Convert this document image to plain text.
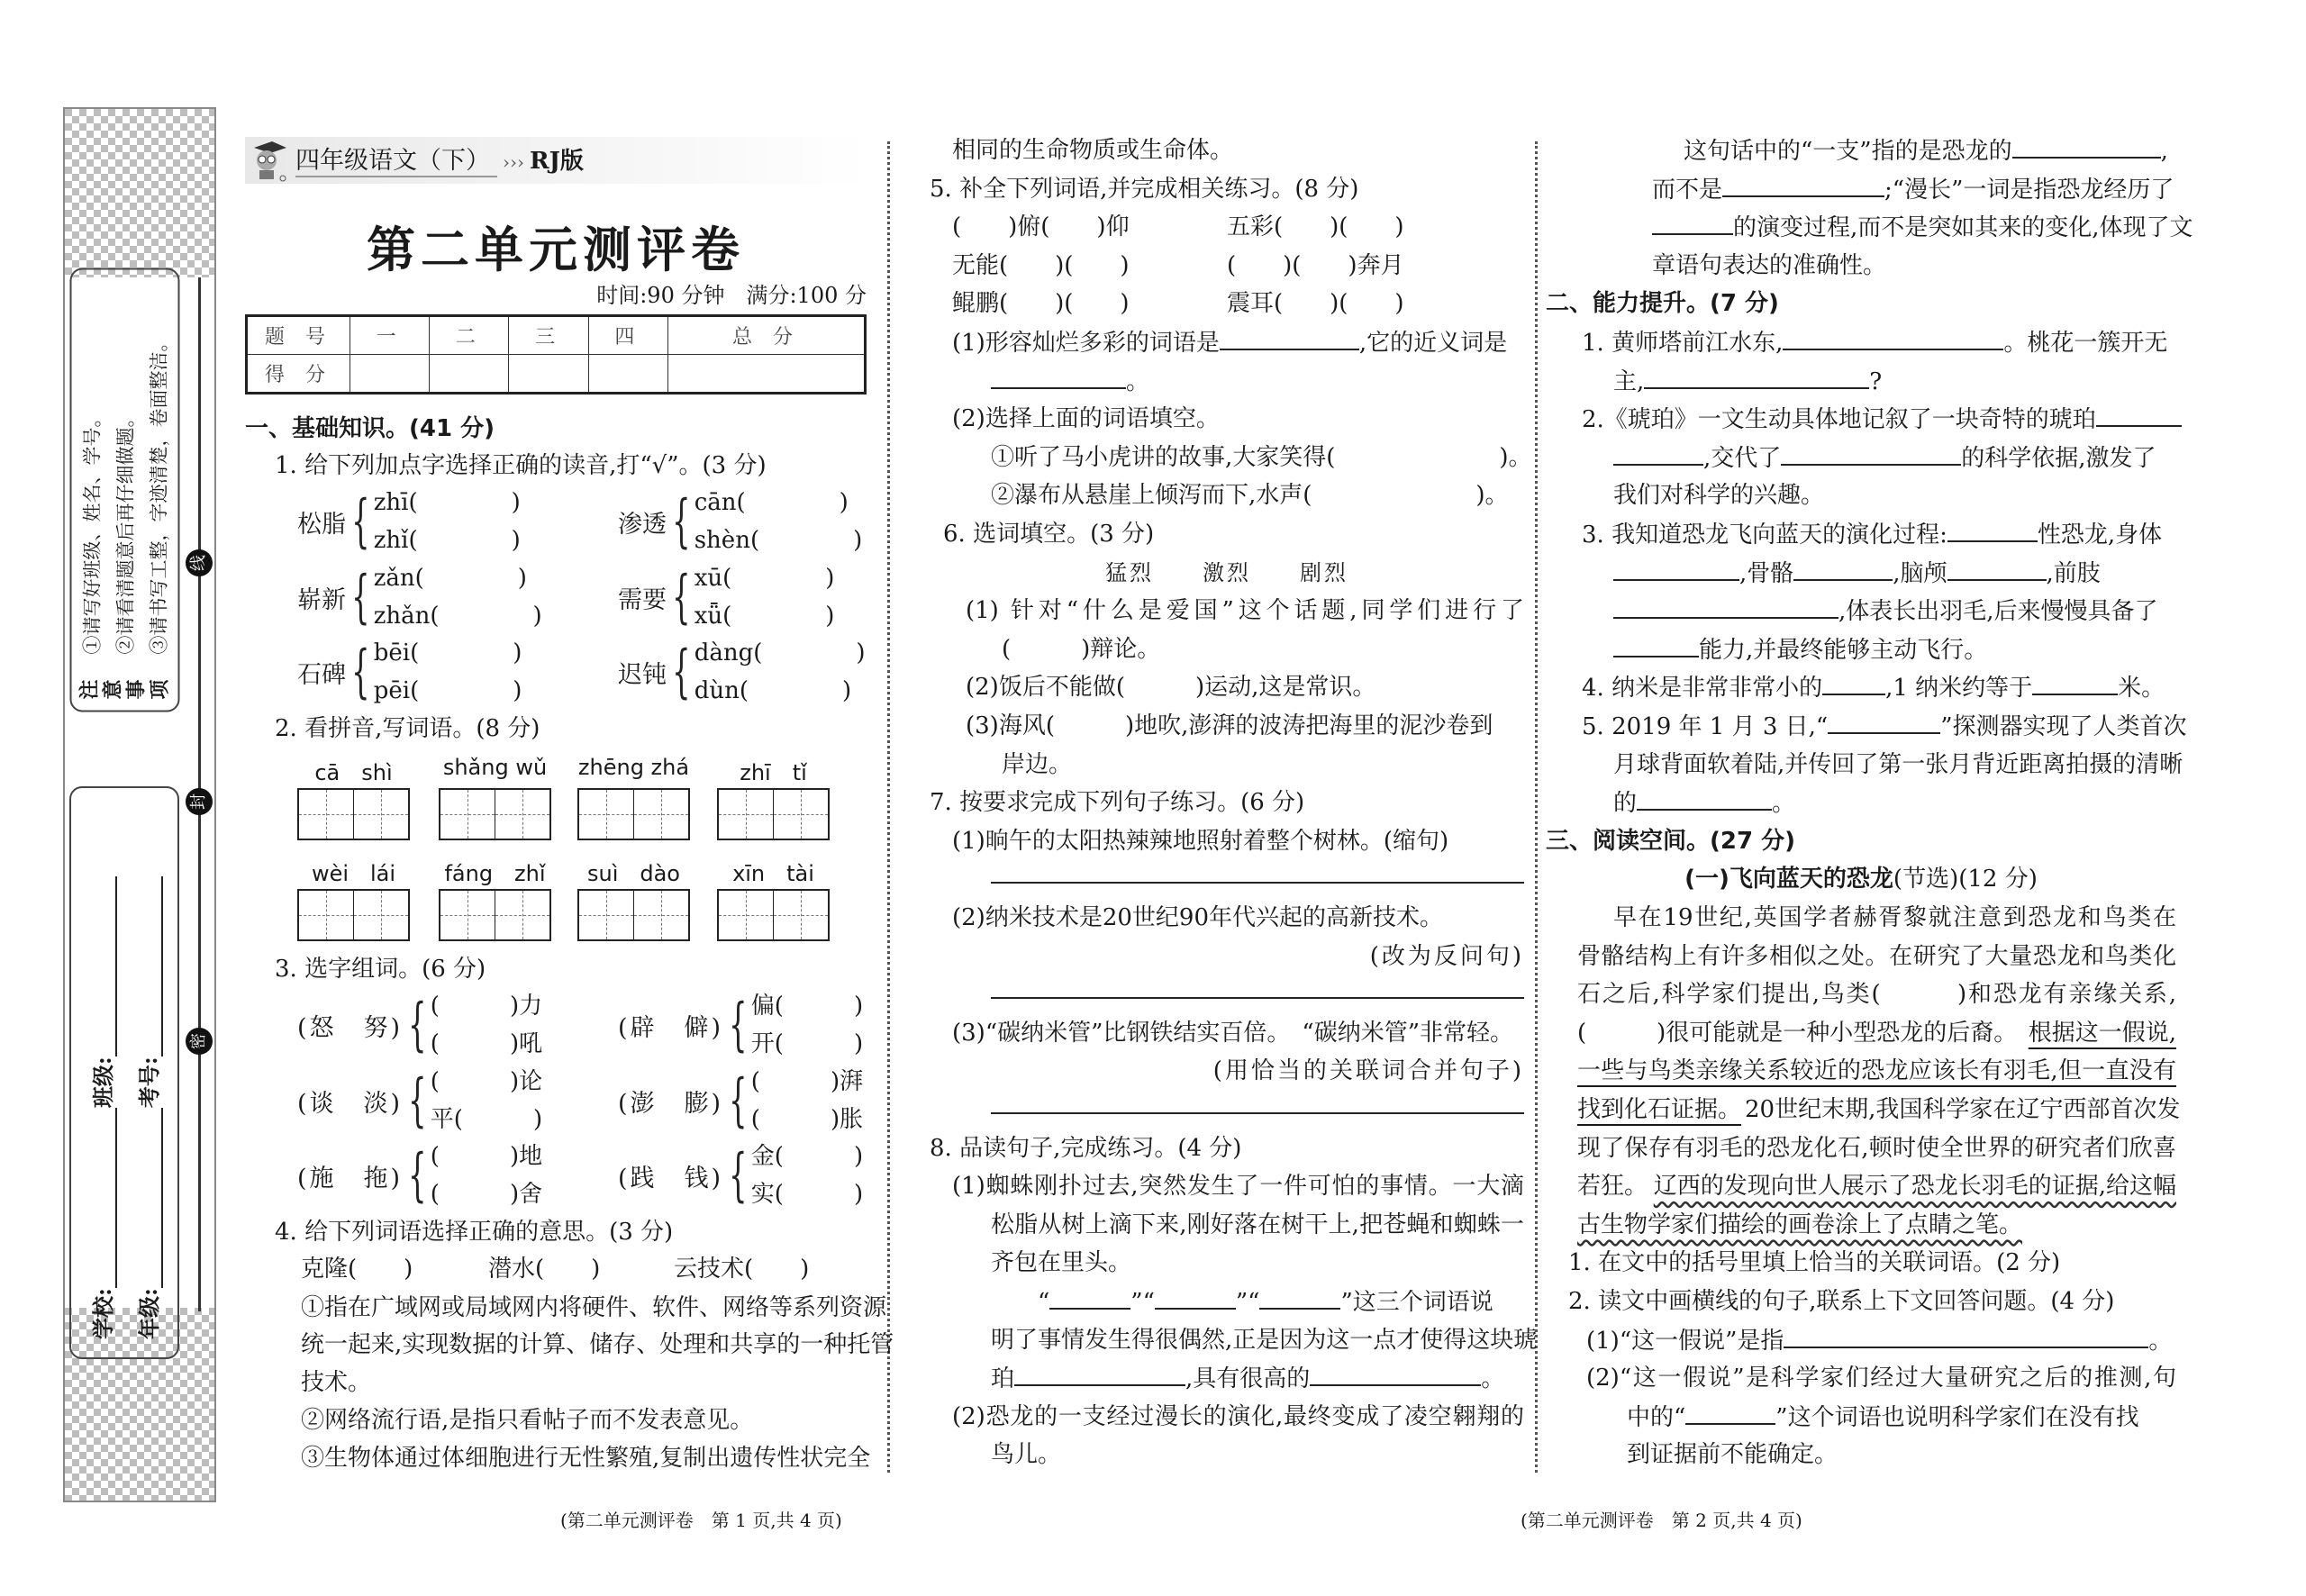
线
封
密
注意事项
①请写好班级、姓名、学号。 ②请看清题意后再仔细做题。 ③请书写工整，字迹清楚，卷面整洁。
学校:
班级:
年级:
考号:
四年级语文（下） ››› RJ版
第二单元测评卷
时间:90 分钟　满分:100 分
题 号	一	二	三	四	总 分
得 分					
一、基础知识。(41 分)
1. 给下列加点字选择正确的读音,打“√”。(3 分)
松脂 { zhī(　　　　)
zhǐ(　　　　)
渗透 { cān(　　　　)
shèn(　　　　)
崭新 { zǎn(　　　　)
zhǎn(　　　　)
需要 { xū(　　　　)
xǖ(　　　　)
石碑 { bēi(　　　　)
pēi(　　　　)
迟钝 { dàng(　　　　)
dùn(　　　　)
2. 看拼音,写词语。(8 分)
cā　shì	shǎng wǔ zhēng zhá	zhī　tǐ
wèi　lái	fáng　zhǐ	suì　dào	xīn　tài
3. 选字组词。(6 分)
(怒　努) { (　　　)力
(　　　)吼
(辟　僻) { 偏(　　　)
开(　　　)
(谈　淡) { (　　　)论
平(　　　)
(澎　膨) { (　　　)湃
(　　　)胀
(施　拖) { (　　　)地
(　　　)舍
(践　钱) { 金(　　　)
实(　　　)
4. 给下列词语选择正确的意思。(3 分)
克隆(　　)	潜水(　　)	云技术(　　)
①指在广域网或局域网内将硬件、软件、网络等系列资源
统一起来,实现数据的计算、储存、处理和共享的一种托管
技术。
②网络流行语,是指只看帖子而不发表意见。
③生物体通过体细胞进行无性繁殖,复制出遗传性状完全
(第二单元测评卷　第 1 页,共 4 页)
相同的生命物质或生命体。
5. 补全下列词语,并完成相关练习。(8 分)
(　　)俯(　　)仰	五彩(　　)(　　)
无能(　　)(　　)	(　　)(　　)奔月
鲲鹏(　　)(　　)	震耳(　　)(　　)
(1)形容灿烂多彩的词语是	,它的近义词是
。
(2)选择上面的词语填空。
①听了马小虎讲的故事,大家笑得(　　　　　　　)。
②瀑布从悬崖上倾泻而下,水声(　　　　　　　)。
6. 选词填空。(3 分)
猛烈　　激烈　　剧烈
(1) 针对“什么是爱国”这个话题,同学们进行了
(　　　)辩论。
(2)饭后不能做(　　　)运动,这是常识。
(3)海风(　　　)地吹,澎湃的波涛把海里的泥沙卷到
岸边。
7. 按要求完成下列句子练习。(6 分)
(1)晌午的太阳热辣辣地照射着整个树林。(缩句)
(2)纳米技术是20世纪90年代兴起的高新技术。
(改为反问句)
(3)“碳纳米管”比钢铁结实百倍。　“碳纳米管”非常轻。
(用恰当的关联词合并句子)
8. 品读句子,完成练习。(4 分)
(1)蜘蛛刚扑过去,突然发生了一件可怕的事情。一大滴
松脂从树上滴下来,刚好落在树干上,把苍蝇和蜘蛛一
齐包在里头。
“	”“	”“	”这三个词语说
明了事情发生得很偶然,正是因为这一点才使得这块琥
珀	,具有很高的	。
(2)恐龙的一支经过漫长的演化,最终变成了凌空翱翔的
鸟儿。
这句话中的“一支”指的是恐龙的	,
而不是	;“漫长”一词是指恐龙经历了
的演变过程,而不是突如其来的变化,体现了文
章语句表达的准确性。
二、能力提升。(7 分)
1. 黄师塔前江水东,	。桃花一簇开无
主,	?
2.《琥珀》一文生动具体地记叙了一块奇特的琥珀
,交代了	的科学依据,激发了
我们对科学的兴趣。
3. 我知道恐龙飞向蓝天的演化过程:	性恐龙,身体
,骨骼	,脑颅	,前肢
,体表长出羽毛,后来慢慢具备了
能力,并最终能够主动飞行。
4. 纳米是非常非常小的	,1 纳米约等于	米。
5. 2019 年 1 月 3 日,“	”探测器实现了人类首次
月球背面软着陆,并传回了第一张月背近距离拍摄的清晰
的	。
三、阅读空间。(27 分)
(一)飞向蓝天的恐龙(节选)(12 分)
早在19世纪,英国学者赫胥黎就注意到恐龙和鸟类在
骨骼结构上有许多相似之处。在研究了大量恐龙和鸟类化
石之后,科学家们提出,鸟类(　　　)和恐龙有亲缘关系,
(　　　)很可能就是一种小型恐龙的后裔。 根据这一假说,
一些与鸟类亲缘关系较近的恐龙应该长有羽毛,但一直没有
找到化石证据。 20世纪末期,我国科学家在辽宁西部首次发
现了保存有羽毛的恐龙化石,顿时使全世界的研究者们欣喜
若狂。 辽西的发现向世人展示了恐龙长羽毛的证据,给这幅
古生物学家们描绘的画卷涂上了点睛之笔。
1. 在文中的括号里填上恰当的关联词语。(2 分)
2. 读文中画横线的句子,联系上下文回答问题。(4 分)
(1)“这一假说”是指	。
(2)“这一假说”是科学家们经过大量研究之后的推测,句
中的“	”这个词语也说明科学家们在没有找
到证据前不能确定。
(第二单元测评卷　第 2 页,共 4 页)
